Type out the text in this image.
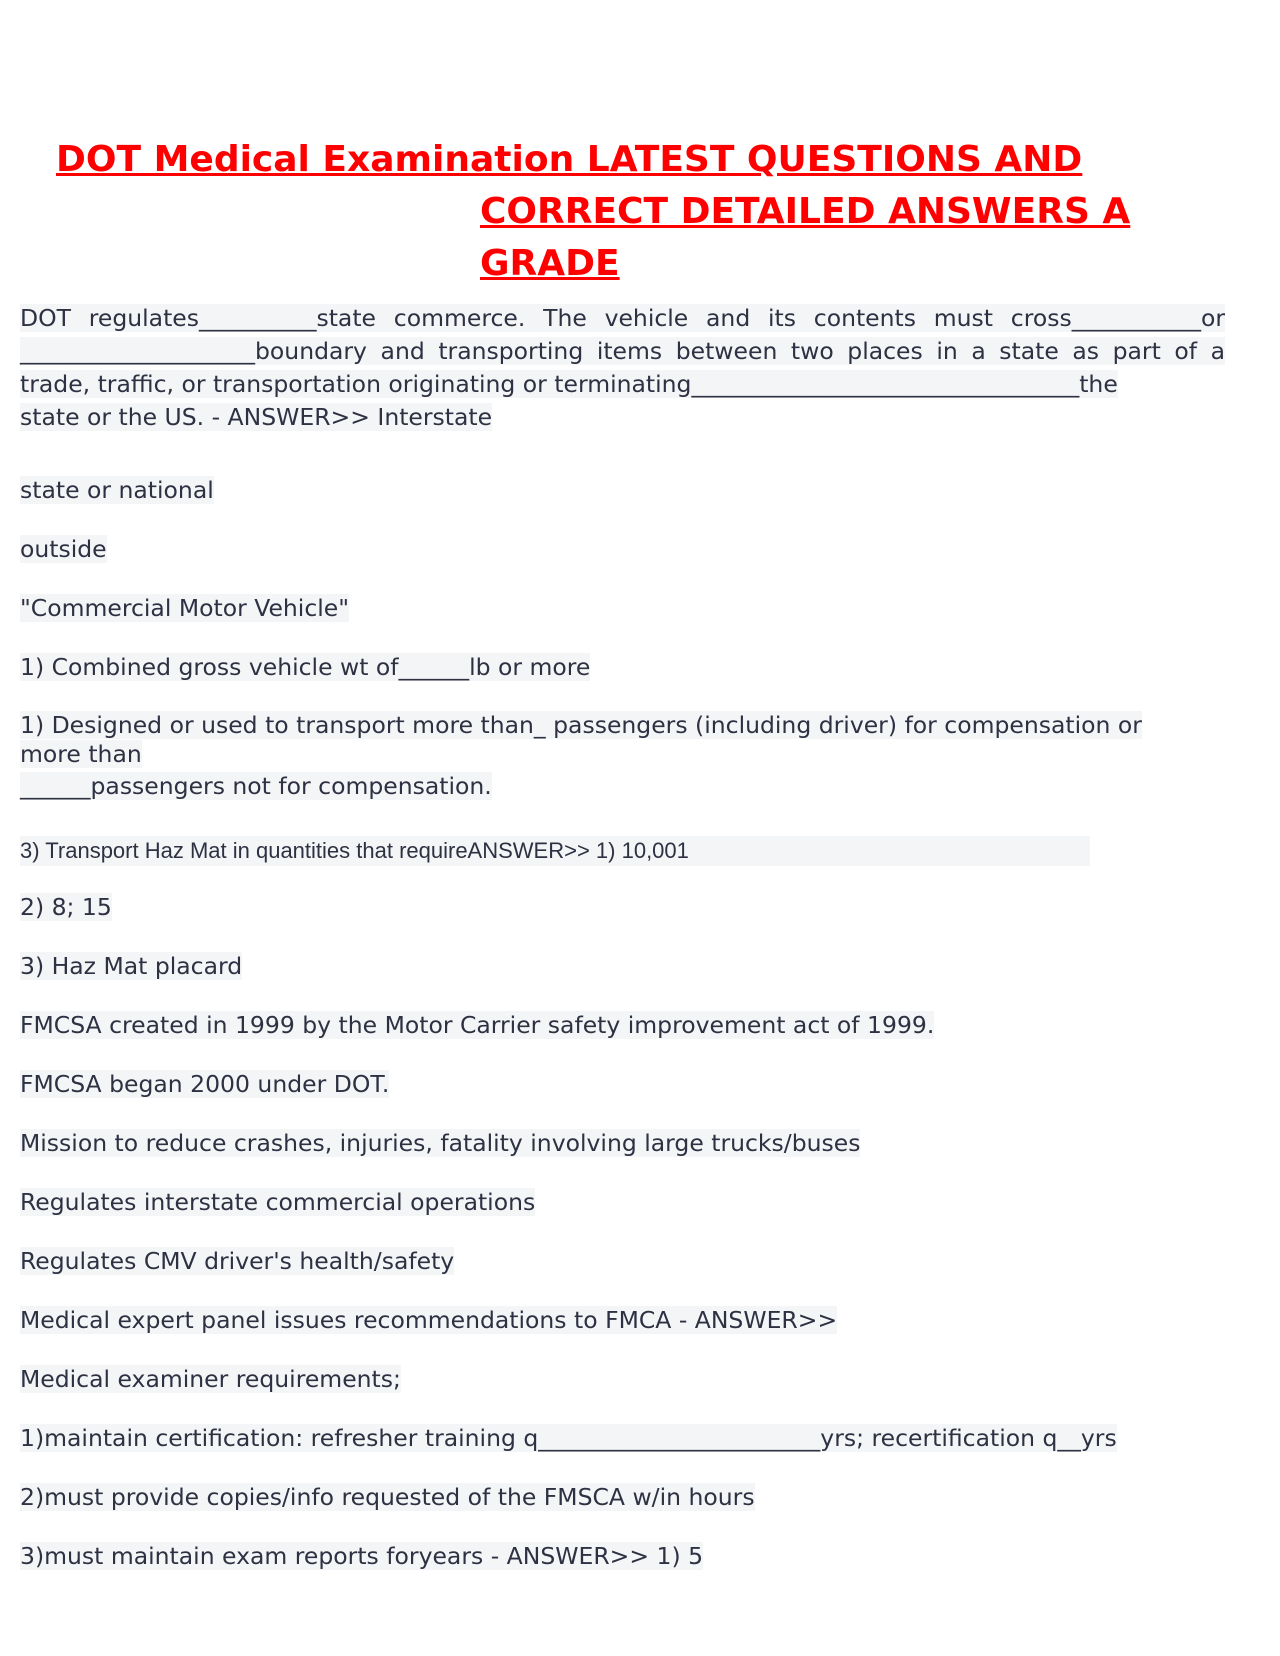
DOT Medical Examination LATEST QUESTIONS AND
CORRECT DETAILED ANSWERS A
GRADE
DOT regulates__________state commerce. The vehicle and its contents must cross___________or
____________________boundary and transporting items between two places in a state as part of a
trade, traffic, or transportation originating or terminating_________________________________the
state or the US. - ANSWER>> Interstate

state or national

outside

"Commercial Motor Vehicle"

1) Combined gross vehicle wt of______lb or more

1) Designed or used to transport more than_ passengers (including driver) for compensation or
more than
______passengers not for compensation.

3) Transport Haz Mat in quantities that requireANSWER>> 1) 10,001

2) 8; 15

3) Haz Mat placard

FMCSA created in 1999 by the Motor Carrier safety improvement act of 1999.

FMCSA began 2000 under DOT.

Mission to reduce crashes, injuries, fatality involving large trucks/buses

Regulates interstate commercial operations

Regulates CMV driver's health/safety

Medical expert panel issues recommendations to FMCA - ANSWER>>

Medical examiner requirements;

1)maintain certification: refresher training q________________________yrs; recertification q__yrs

2)must provide copies/info requested of the FMSCA w/in hours

3)must maintain exam reports foryears - ANSWER>> 1) 5
